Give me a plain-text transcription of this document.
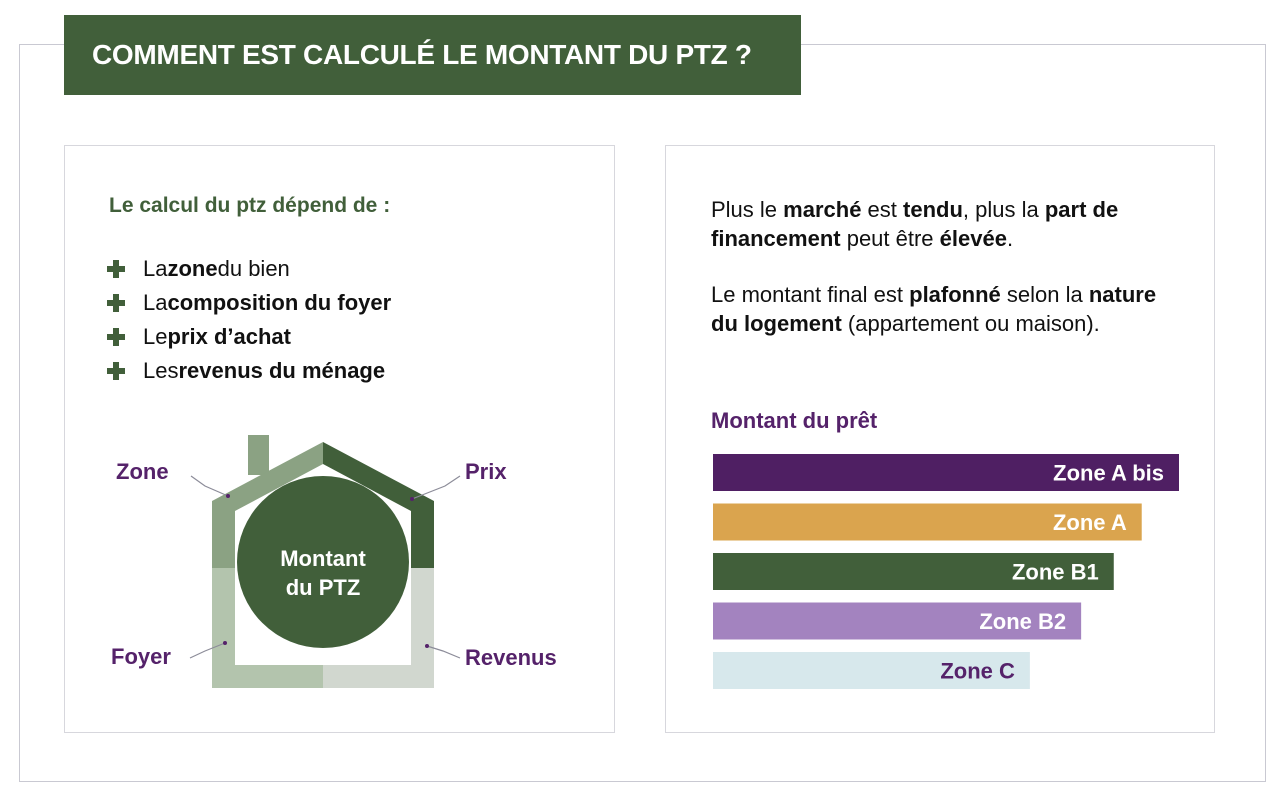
COMMENT EST CALCULÉ LE MONTANT DU PTZ ?
Le calcul du ptz dépend de :
La zone du bien
La composition du foyer
Le prix d’achat
Les revenus du ménage
Montant
du PTZ
Zone	Prix
Foyer	Revenus

Plus le marché est tendu, plus la part de financement peut être élevée.

Le montant final est plafonné selon la nature du logement (appartement ou maison).

Montant du prêt
Zone A bis
Zone A
Zone B1
Zone B2
Zone C
